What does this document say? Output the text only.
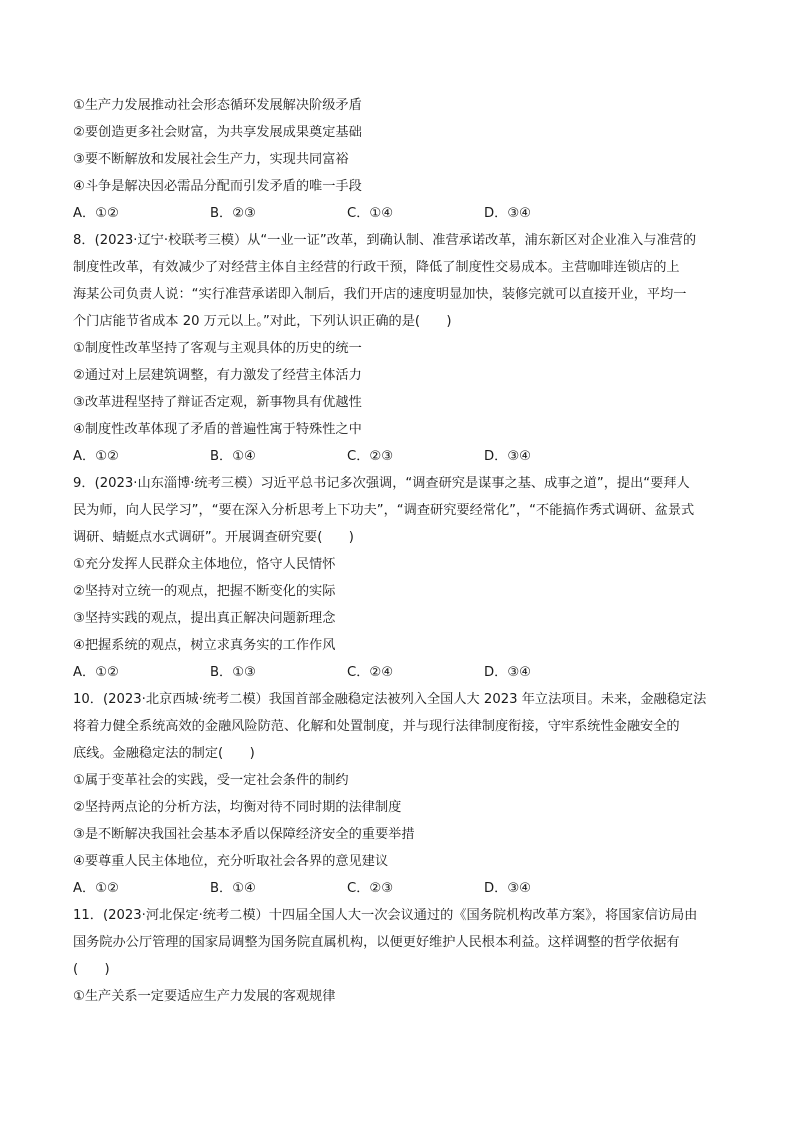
①生产力发展推动社会形态循环发展解决阶级矛盾
②要创造更多社会财富，为共享发展成果奠定基础
③要不断解放和发展社会生产力，实现共同富裕
④斗争是解决因必需品分配而引发矛盾的唯一手段
A．①②	B．②③	C．①④	D．③④
8．(2023·辽宁·校联考三模）从“一业一证”改革，到确认制、准营承诺改革，浦东新区对企业准入与准营的
制度性改革，有效减少了对经营主体自主经营的行政干预，降低了制度性交易成本。主营咖啡连锁店的上
海某公司负责人说：“实行准营承诺即入制后，我们开店的速度明显加快，装修完就可以直接开业，平均一
个门店能节省成本 20 万元以上。”对此，下列认识正确的是(　　)
①制度性改革坚持了客观与主观具体的历史的统一
②通过对上层建筑调整，有力激发了经营主体活力
③改革进程坚持了辩证否定观，新事物具有优越性
④制度性改革体现了矛盾的普遍性寓于特殊性之中
A．①②	B．①④	C．②③	D．③④
9．(2023·山东淄博·统考三模）习近平总书记多次强调，“调查研究是谋事之基、成事之道”，提出“要拜人
民为师，向人民学习”，“要在深入分析思考上下功夫”，“调查研究要经常化”，“不能搞作秀式调研、盆景式
调研、蜻蜓点水式调研”。开展调查研究要(　　)
①充分发挥人民群众主体地位，恪守人民情怀
②坚持对立统一的观点，把握不断变化的实际
③坚持实践的观点，提出真正解决问题新理念
④把握系统的观点，树立求真务实的工作作风
A．①②	B．①③	C．②④	D．③④
10．(2023·北京西城·统考二模）我国首部金融稳定法被列入全国人大 2023 年立法项目。未来，金融稳定法
将着力健全系统高效的金融风险防范、化解和处置制度，并与现行法律制度衔接，守牢系统性金融安全的
底线。金融稳定法的制定(　　)
①属于变革社会的实践，受一定社会条件的制约
②坚持两点论的分析方法，均衡对待不同时期的法律制度
③是不断解决我国社会基本矛盾以保障经济安全的重要举措
④要尊重人民主体地位，充分听取社会各界的意见建议
A．①②	B．①④	C．②③	D．③④
11．(2023·河北保定·统考二模）十四届全国人大一次会议通过的《国务院机构改革方案》，将国家信访局由
国务院办公厅管理的国家局调整为国务院直属机构，以便更好维护人民根本利益。这样调整的哲学依据有
(　　)
①生产关系一定要适应生产力发展的客观规律
